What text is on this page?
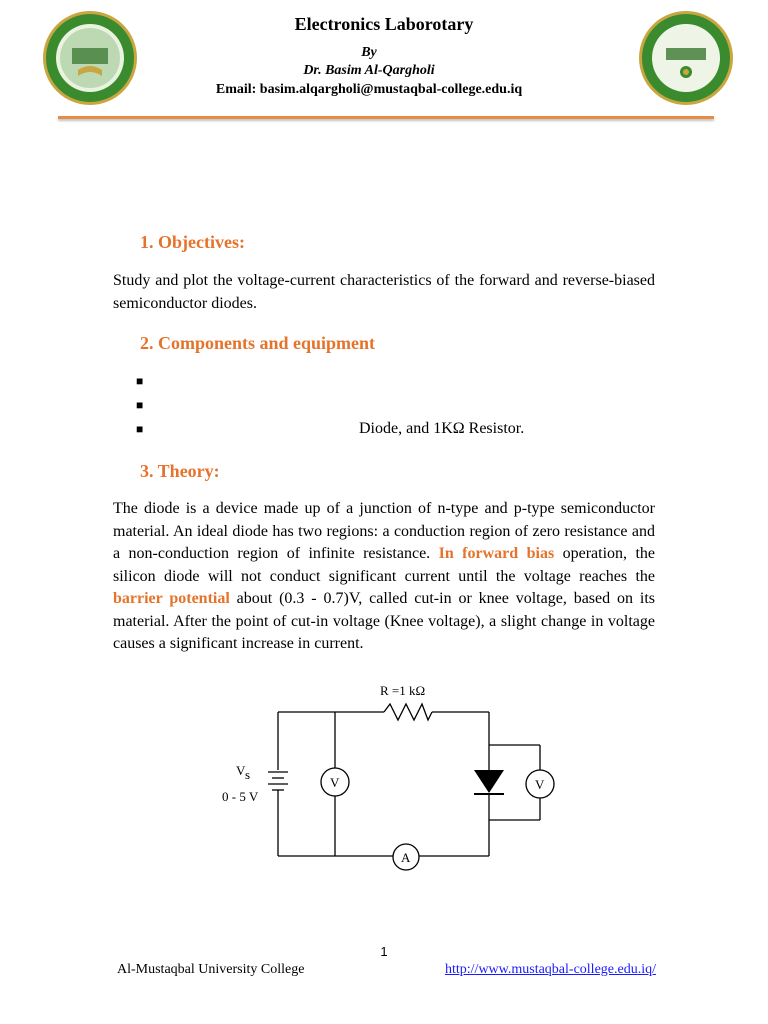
Electronics Laborotary
By
Dr. Basim Al-Qargholi
Email: basim.alqargholi@mustaqbal-college.edu.iq
1. Objectives:
Study and plot the voltage-current characteristics of the forward and reverse-biased semiconductor diodes.
2. Components and equipment
■
■
■	Diode, and 1KΩ Resistor.
3. Theory:
The diode is a device made up of a junction of n-type and p-type semiconductor material. An ideal diode has two regions: a conduction region of zero resistance and a non-conduction region of infinite resistance. In forward bias operation, the silicon diode will not conduct significant current until the voltage reaches the barrier potential about (0.3 - 0.7)V, called cut-in or knee voltage, based on its material. After the point of cut-in voltage (Knee voltage), a slight change in voltage causes a significant increase in current.
R =1 kΩ
V s
0 - 5 V
V	V
A
1
Al-Mustaqbal University College	http://www.mustaqbal-college.edu.iq/
